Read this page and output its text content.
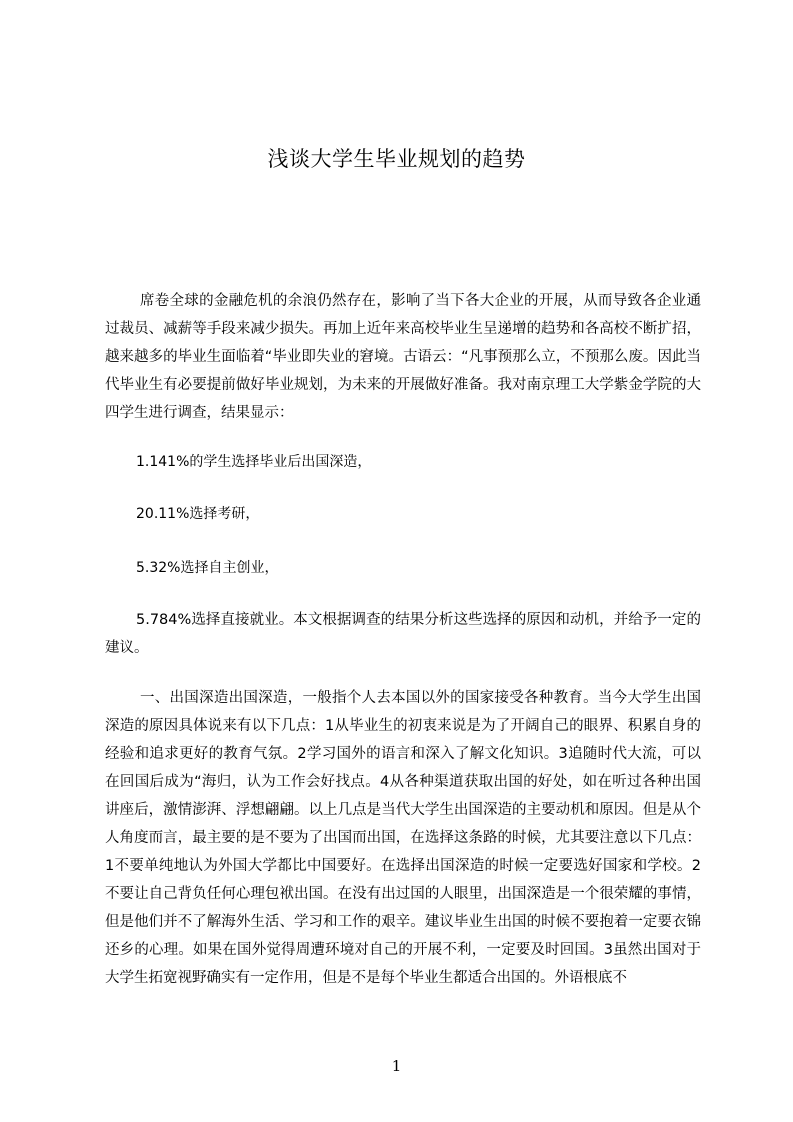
浅谈大学生毕业规划的趋势

席卷全球的金融危机的余浪仍然存在，影响了当下各大企业的开展，从而导致各企业通过裁员、减薪等手段来减少损失。再加上近年来高校毕业生呈递增的趋势和各高校不断扩招，越来越多的毕业生面临着“毕业即失业的窘境。古语云：“凡事预那么立，不预那么废。因此当代毕业生有必要提前做好毕业规划，为未来的开展做好准备。我对南京理工大学紫金学院的大四学生进行调查，结果显示：

1.141%的学生选择毕业后出国深造，

20.11%选择考研，

5.32%选择自主创业，

5.784%选择直接就业。本文根据调查的结果分析这些选择的原因和动机，并给予一定的建议。

一、出国深造出国深造，一般指个人去本国以外的国家接受各种教育。当今大学生出国深造的原因具体说来有以下几点：1从毕业生的初衷来说是为了开阔自己的眼界、积累自身的经验和追求更好的教育气氛。2学习国外的语言和深入了解文化知识。3追随时代大流，可以在回国后成为“海归，认为工作会好找点。4从各种渠道获取出国的好处，如在听过各种出国讲座后，激情澎湃、浮想翩翩。以上几点是当代大学生出国深造的主要动机和原因。但是从个人角度而言，最主要的是不要为了出国而出国，在选择这条路的时候，尤其要注意以下几点：1不要单纯地认为外国大学都比中国要好。在选择出国深造的时候一定要选好国家和学校。2不要让自己背负任何心理包袱出国。在没有出过国的人眼里，出国深造是一个很荣耀的事情，但是他们并不了解海外生活、学习和工作的艰辛。建议毕业生出国的时候不要抱着一定要衣锦还乡的心理。如果在国外觉得周遭环境对自己的开展不利，一定要及时回国。3虽然出国对于大学生拓宽视野确实有一定作用，但是不是每个毕业生都适合出国的。外语根底不

1
